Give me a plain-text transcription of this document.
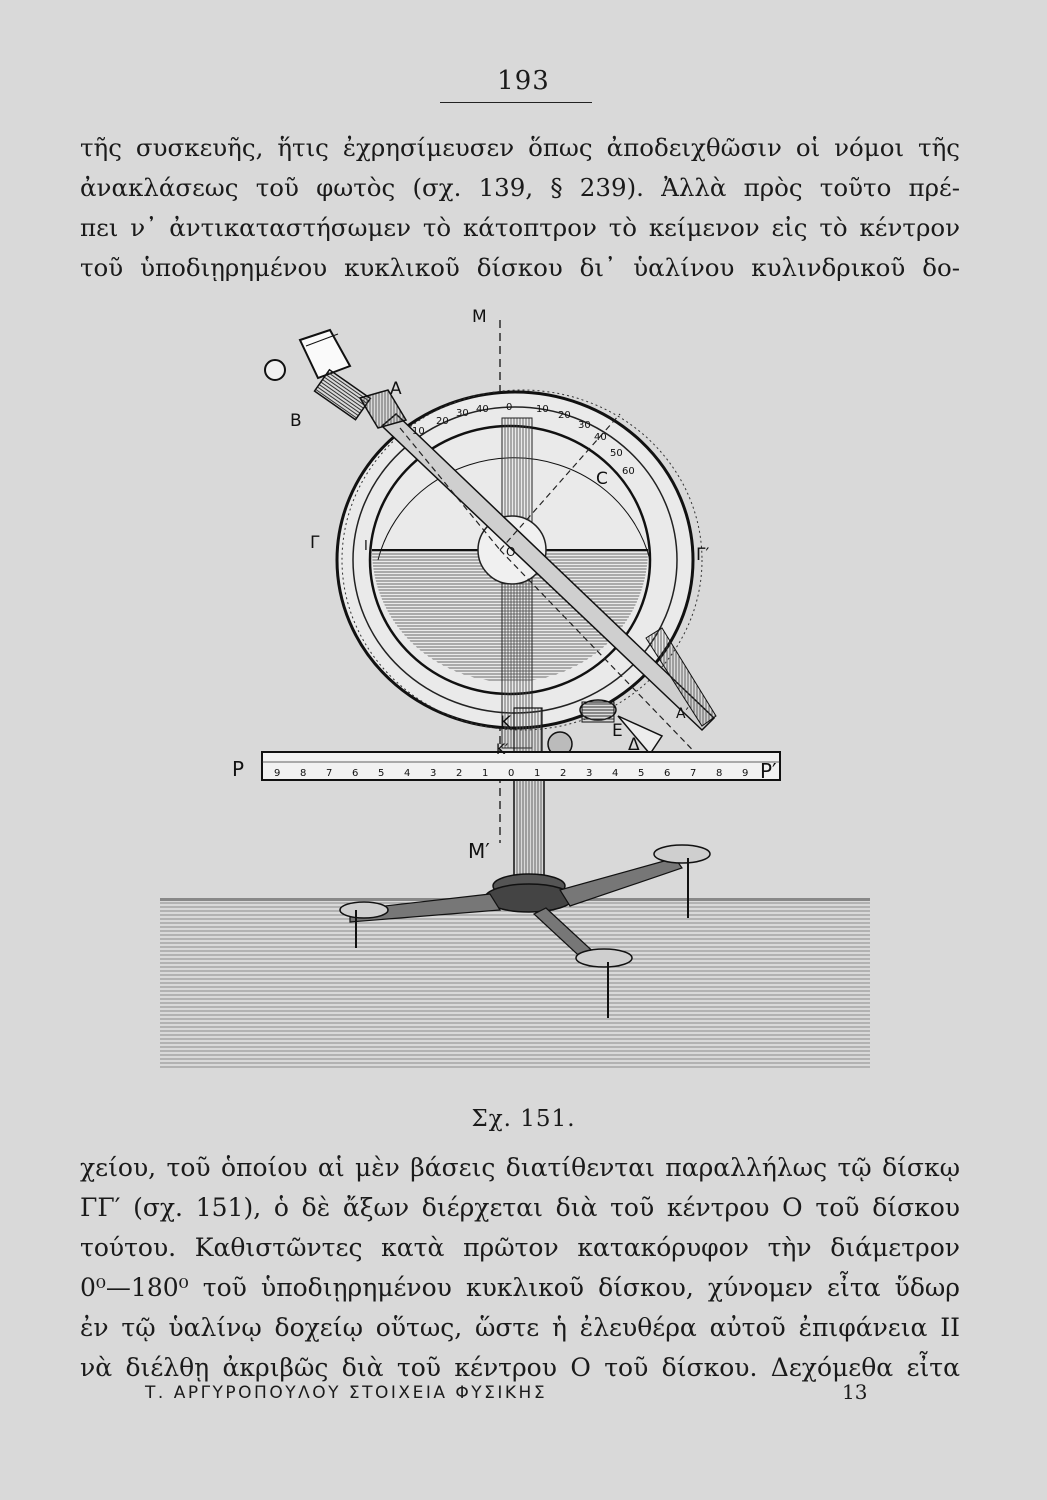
193

τῆς συσκευῆς, ἥτις ἐχρησίμευσεν ὅπως ἀποδειχθῶσιν οἱ νόμοι τῆς
ἀνακλάσεως τοῦ φωτὸς (σχ. 139, § 239). Ἀλλὰ πρὸς τοῦτο πρέ-
πει ν᾽ ἀντικαταστήσωμεν τὸ κάτοπτρον τὸ κείμενον εἰς τὸ κέντρον
τοῦ ὑποδιῃρημένου κυκλικοῦ δίσκου δι᾽ ὑαλίνου κυλινδρικοῦ δο-

10
20
30 40 0 10
20
30
40
50
60
9 8 7 6 5 4 3 2 1 0 1 2 3 4 5 6 7 8 9
M
Α
B
C
Γ	Ι	O	Γ′
Κ
Κ′
Ε
Δ
Α′
P	P′
M′
Σχ. 151.

χείου, τοῦ ὁποίου αἱ μὲν βάσεις διατίθενται παραλλήλως τῷ δίσκῳ
ΓΓ′ (σχ. 151), ὁ δὲ ἄξων διέρχεται διὰ τοῦ κέντρου Ο τοῦ δίσκου
τούτου. Καθιστῶντες κατὰ πρῶτον κατακόρυφον τὴν διάμετρον
0⁰—180⁰ τοῦ ὑποδιῃρημένου κυκλικοῦ δίσκου, χύνομεν εἶτα ὕδωρ
ἐν τῷ ὑαλίνῳ δοχείῳ οὕτως, ὥστε ἡ ἐλευθέρα αὐτοῦ ἐπιφάνεια ΙΙ
νὰ διέλθῃ ἀκριβῶς διὰ τοῦ κέντρου Ο τοῦ δίσκου. Δεχόμεθα εἶτα

Τ. ΑΡΓΥΡΟΠΟΥΛΟΥ ΣΤΟΙΧΕΙΑ ΦΥΣΙΚΗΣ	13
